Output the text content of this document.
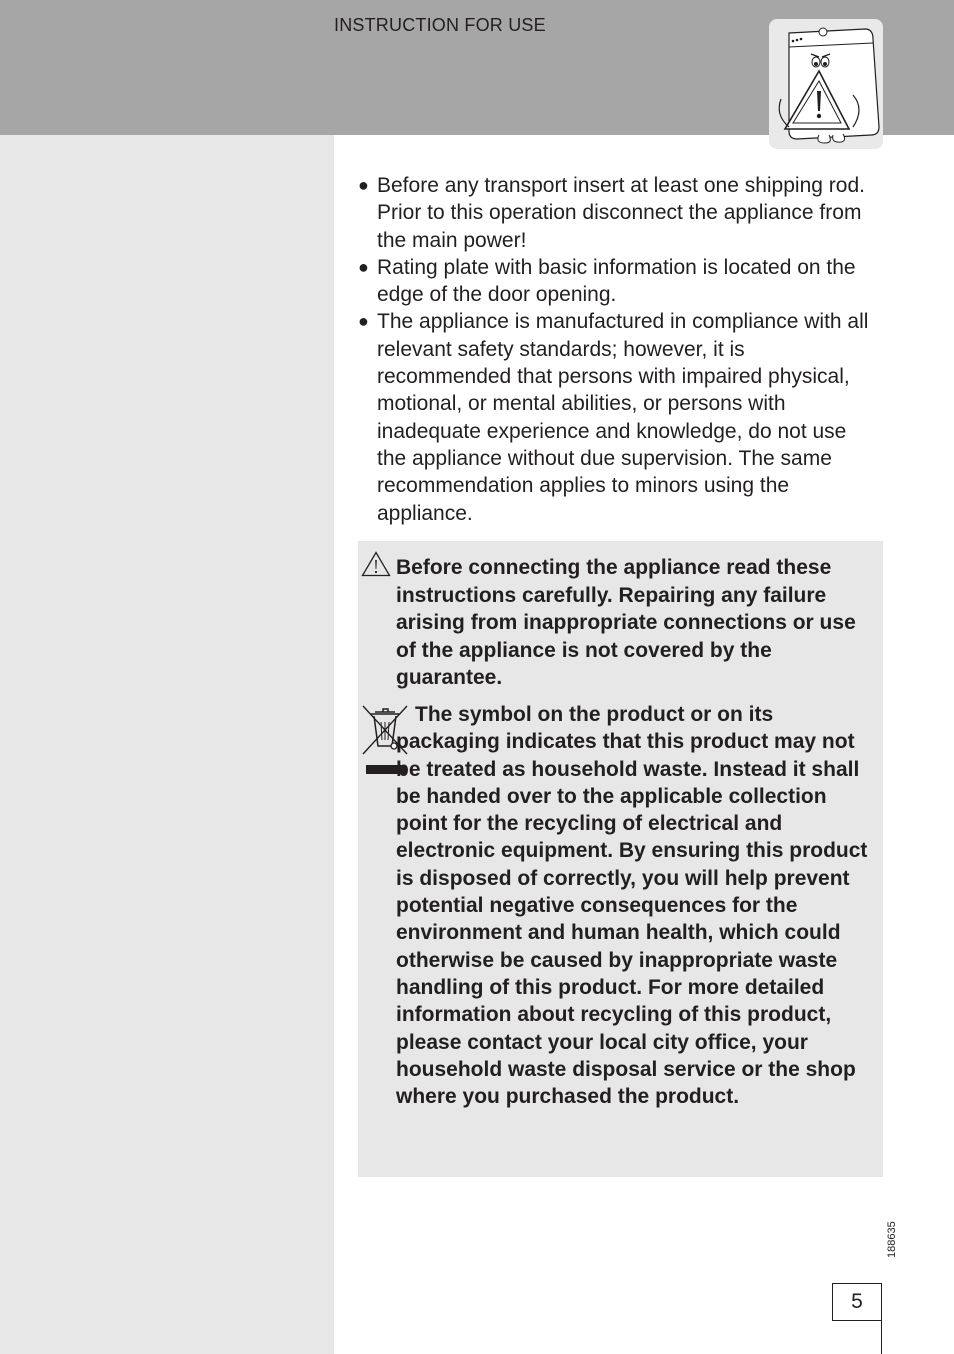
INSTRUCTION FOR USE
● Before any transport insert at least one shipping rod. Prior to this operation disconnect the appliance from the main power!
● Rating plate with basic information is located on the edge of the door opening.
● The appliance is manufactured in compliance with all relevant safety standards; however, it is recommended that persons with impaired physical, motional, or mental abilities, or persons with inadequate experience and knowledge, do not use the appliance without due supervision. The same recommendation applies to minors using the appliance.

Before connecting the appliance read these instructions carefully. Repairing any failure arising from inappropriate connections or use of the appliance is not covered by the guarantee.

The symbol on the product or on its packaging indicates that this product may not be treated as household waste. Instead it shall be handed over to the applicable collection point for the recycling of electrical and electronic equipment. By ensuring this product is disposed of correctly, you will help prevent potential negative consequences for the environment and human health, which could otherwise be caused by inappropriate waste handling of this product. For more detailed information about recycling of this product, please contact your local city office, your household waste disposal service or the shop where you purchased the product.

188635
5
